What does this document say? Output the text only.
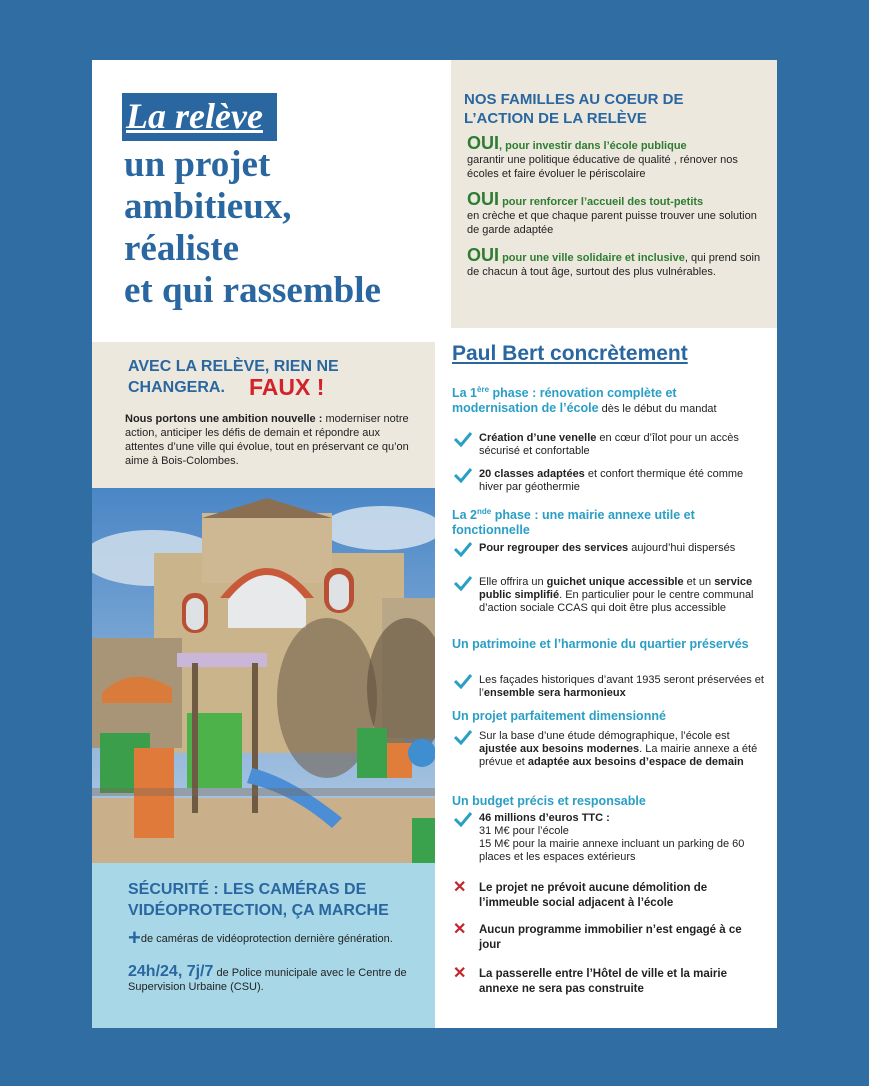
La relève
un projet
ambitieux,
réaliste
et qui rassemble
AVEC LA RELÈVE, RIEN NE
CHANGERA.	FAUX !

Nous portons une ambition nouvelle : moderniser notre action, anticiper les défis de demain et répondre aux attentes d’une ville qui évolue, tout en préservant ce qu’on aime à Bois-Colombes.

SÉCURITÉ : LES CAMÉRAS DE
VIDÉOPROTECTION, ÇA MARCHE
+de caméras de vidéoprotection dernière génération.
24h/24, 7j/7 de Police municipale avec le Centre de Supervision Urbaine (CSU).
NOS FAMILLES AU COEUR DE
L’ACTION DE LA RELÈVE
OUI, pour investir dans l’école publique
garantir une politique éducative de qualité , rénover nos écoles et faire évoluer le périscolaire
OUI pour renforcer l’accueil des tout-petits
en crèche et que chaque parent puisse trouver une solution de garde adaptée
OUI pour une ville solidaire et inclusive, qui prend soin de chacun à tout âge, surtout des plus vulnérables.
Paul Bert concrètement
La 1ère phase : rénovation complète et modernisation de l’école dès le début du mandat
Création d’une venelle en cœur d’îlot pour un accès sécurisé et confortable
20 classes adaptées et confort thermique été comme hiver par géothermie
La 2nde phase : une mairie annexe utile et fonctionnelle
Pour regrouper des services aujourd’hui dispersés
Elle offrira un guichet unique accessible et un service public simplifié. En particulier pour le centre communal d’action sociale CCAS qui doit être plus accessible
Un patrimoine et l’harmonie du quartier préservés
Les façades historiques d’avant 1935 seront préservées et l’ensemble sera harmonieux
Un projet parfaitement dimensionné
Sur la base d’une étude démographique, l’école est ajustée aux besoins modernes. La mairie annexe a été prévue et adaptée aux besoins d’espace de demain
Un budget précis et responsable
46 millions d’euros TTC :
31 M€ pour l’école
15 M€ pour la mairie annexe incluant un parking de 60 places et les espaces extérieurs
✕ Le projet ne prévoit aucune démolition de l’immeuble social adjacent à l’école
✕ Aucun programme immobilier n’est engagé à ce jour
✕ La passerelle entre l’Hôtel de ville et la mairie annexe ne sera pas construite
